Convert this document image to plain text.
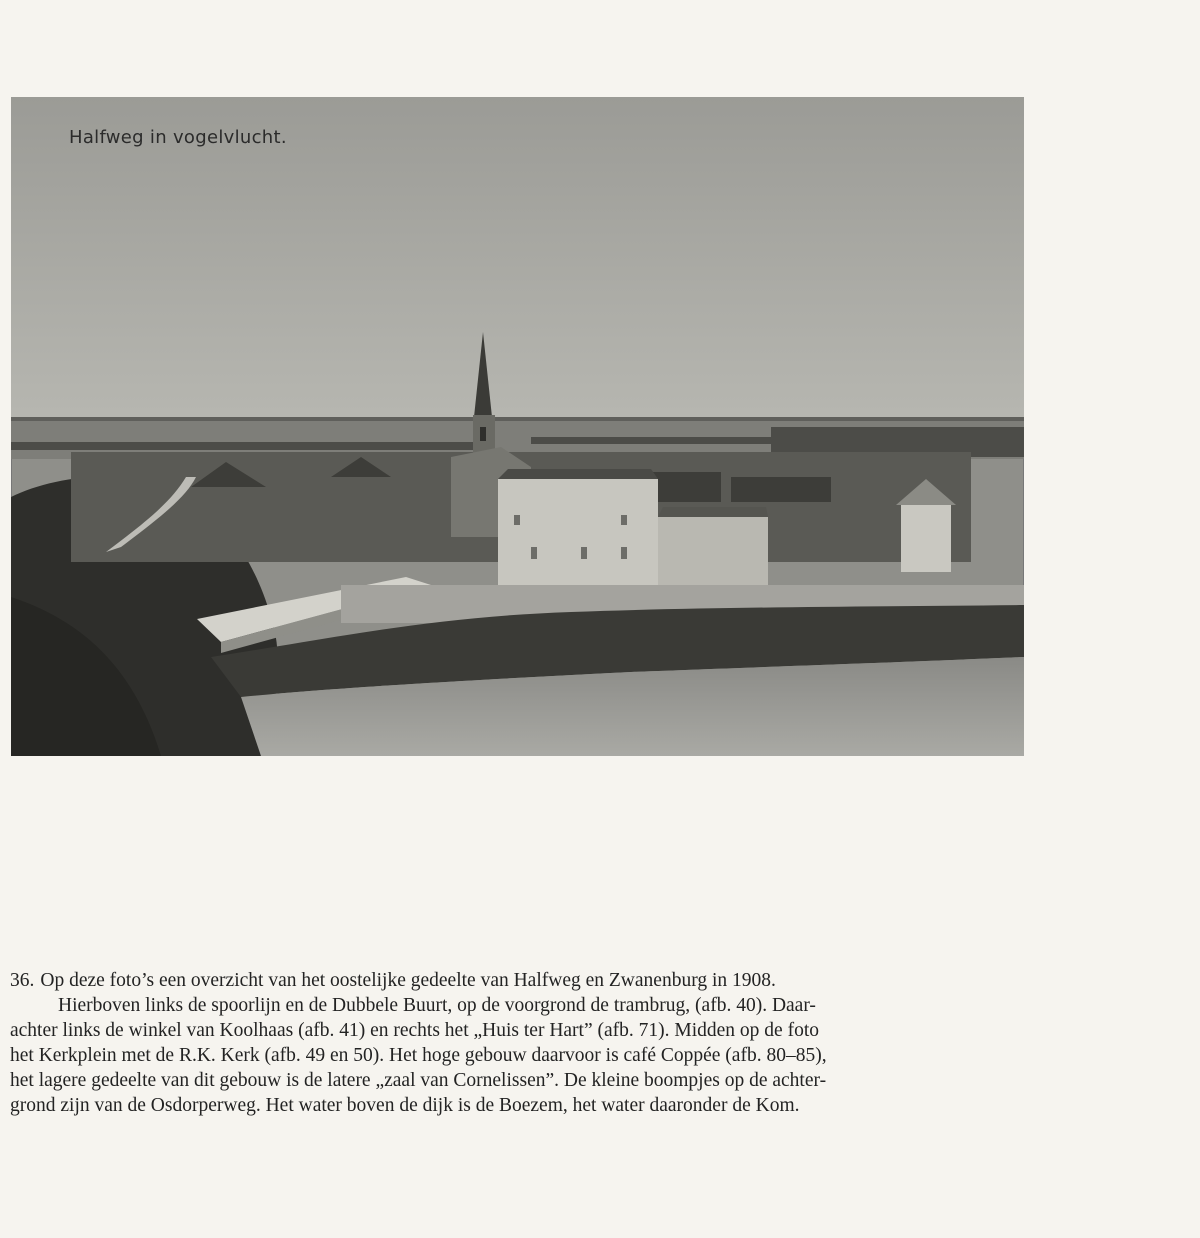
Halfweg in vogelvlucht.

36. Op deze foto’s een overzicht van het oostelijke gedeelte van Halfweg en Zwanenburg in 1908.

Hierboven links de spoorlijn en de Dubbele Buurt, op de voorgrond de trambrug, (afb. 40). Daar-

achter links de winkel van Koolhaas (afb. 41) en rechts het „Huis ter Hart” (afb. 71). Midden op de foto

het Kerkplein met de R.K. Kerk (afb. 49 en 50). Het hoge gebouw daarvoor is café Coppée (afb. 80–85),

het lagere gedeelte van dit gebouw is de latere „zaal van Cornelissen”. De kleine boompjes op de achter-

grond zijn van de Osdorperweg. Het water boven de dijk is de Boezem, het water daaronder de Kom.
